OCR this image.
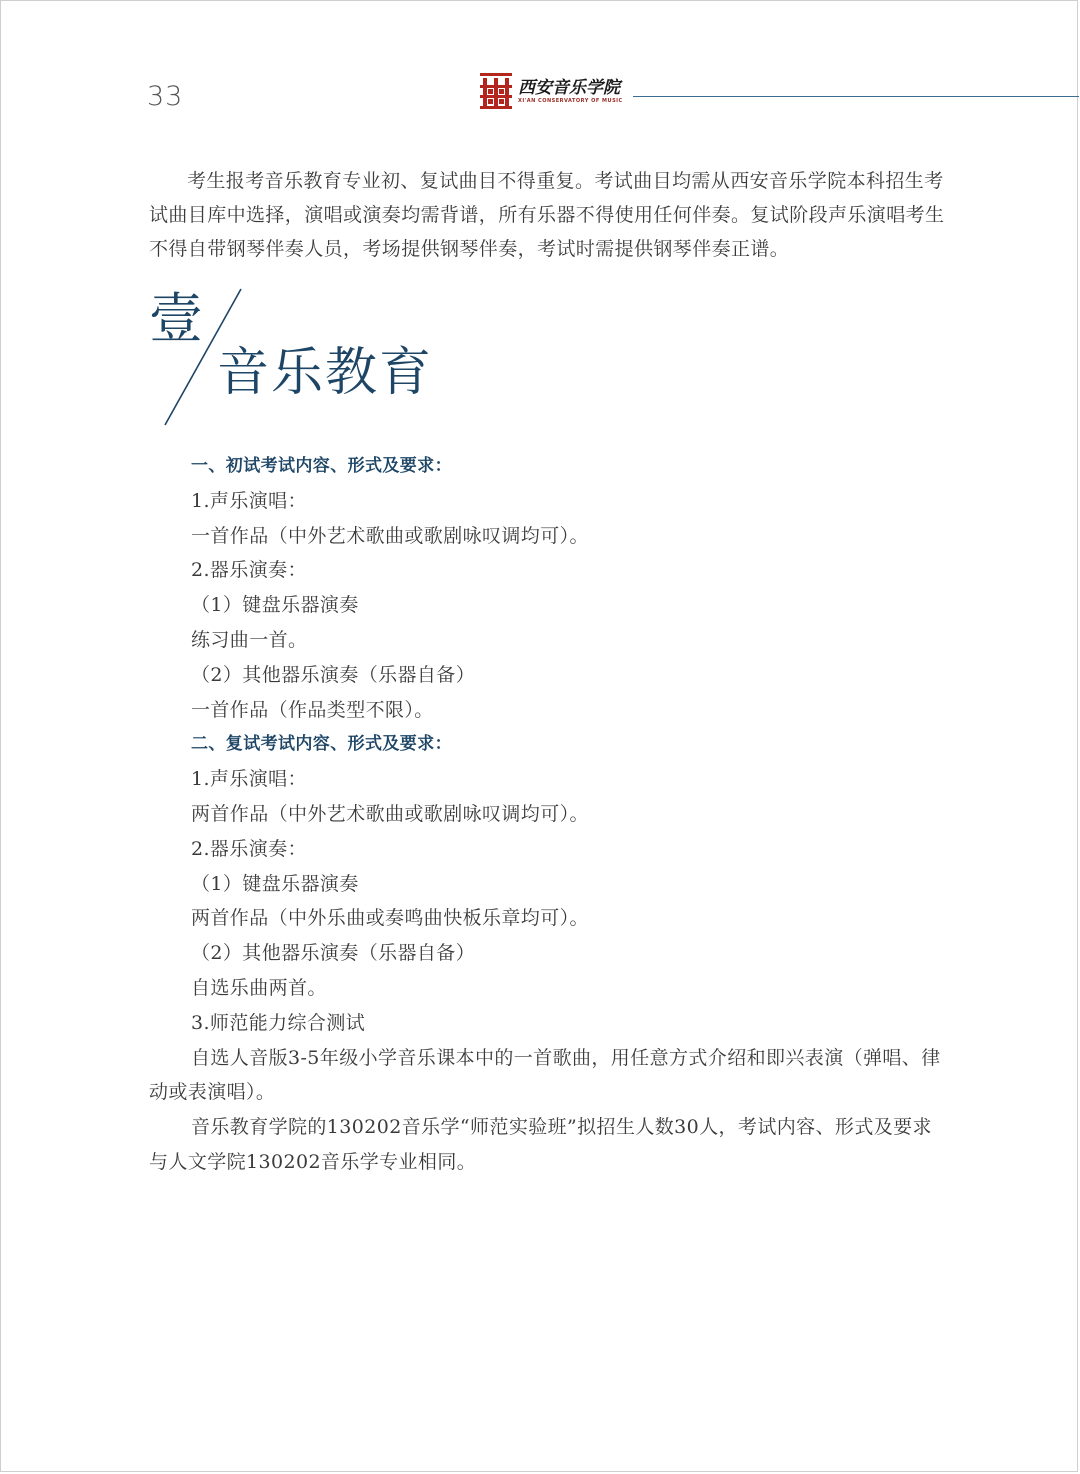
33	西安音乐学院
XI'AN CONSERVATORY OF MUSIC

考生报考音乐教育专业初、复试曲目不得重复。考试曲目均需从西安音乐学院本科招生考试曲目库中选择，演唱或演奏均需背谱，所有乐器不得使用任何伴奏。复试阶段声乐演唱考生不得自带钢琴伴奏人员，考场提供钢琴伴奏，考试时需提供钢琴伴奏正谱。

壹
音乐教育

一、初试考试内容、形式及要求：

1.声乐演唱：

一首作品（中外艺术歌曲或歌剧咏叹调均可）。

2.器乐演奏：

（1）键盘乐器演奏

练习曲一首。

（2）其他器乐演奏（乐器自备）

一首作品（作品类型不限）。

二、复试考试内容、形式及要求：

1.声乐演唱：

两首作品（中外艺术歌曲或歌剧咏叹调均可）。

2.器乐演奏：

（1）键盘乐器演奏

两首作品（中外乐曲或奏鸣曲快板乐章均可）。

（2）其他器乐演奏（乐器自备）

自选乐曲两首。

3.师范能力综合测试

自选人音版3-5年级小学音乐课本中的一首歌曲，用任意方式介绍和即兴表演（弹唱、律动或表演唱）。

音乐教育学院的130202音乐学“师范实验班”拟招生人数30人，考试内容、形式及要求与人文学院130202音乐学专业相同。
